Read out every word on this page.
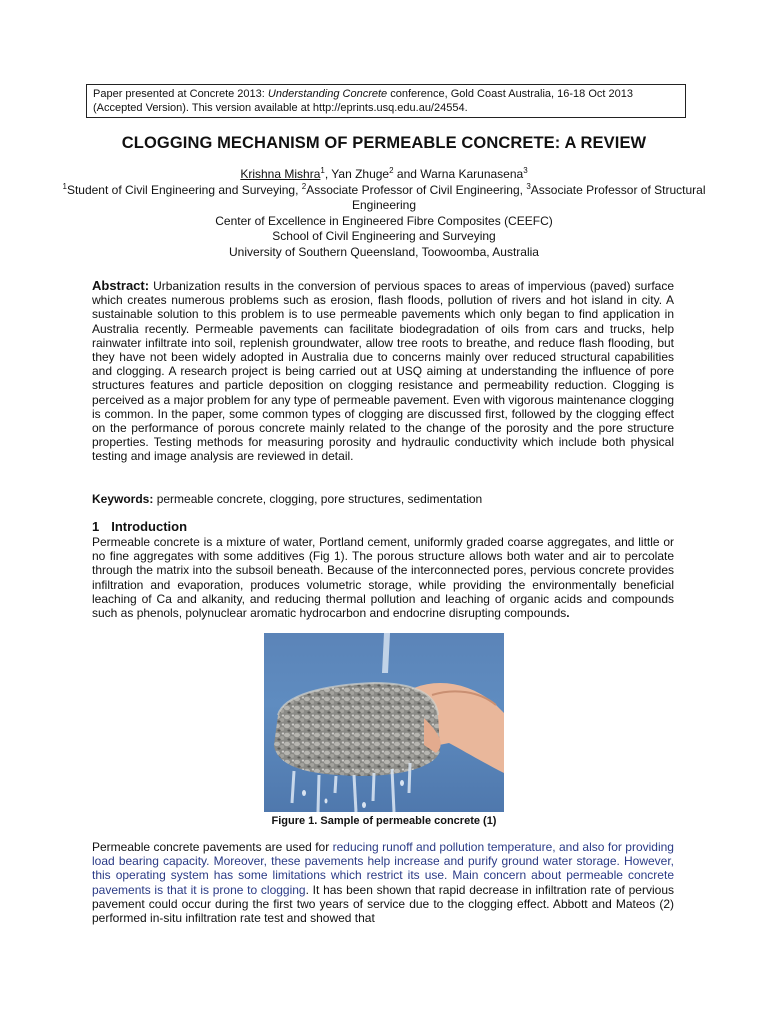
Paper presented at Concrete 2013: Understanding Concrete conference, Gold Coast Australia, 16-18 Oct 2013 (Accepted Version). This version available at http://eprints.usq.edu.au/24554.
CLOGGING MECHANISM OF PERMEABLE CONCRETE: A REVIEW
Krishna Mishra$^1$, Yan Zhuge$^2$ and Warna Karunasena$^3$
$^1$Student of Civil Engineering and Surveying, $^2$Associate Professor of Civil Engineering, $^3$Associate Professor of Structural Engineering
Center of Excellence in Engineered Fibre Composites (CEEFC)
School of Civil Engineering and Surveying
University of Southern Queensland, Toowoomba, Australia
Abstract: Urbanization results in the conversion of pervious spaces to areas of impervious (paved) surface which creates numerous problems such as erosion, flash floods, pollution of rivers and hot island in city. A sustainable solution to this problem is to use permeable pavements which only began to find application in Australia recently. Permeable pavements can facilitate biodegradation of oils from cars and trucks, help rainwater infiltrate into soil, replenish groundwater, allow tree roots to breathe, and reduce flash flooding, but they have not been widely adopted in Australia due to concerns mainly over reduced structural capabilities and clogging. A research project is being carried out at USQ aiming at understanding the influence of pore structures features and particle deposition on clogging resistance and permeability reduction. Clogging is perceived as a major problem for any type of permeable pavement. Even with vigorous maintenance clogging is common. In the paper, some common types of clogging are discussed first, followed by the clogging effect on the performance of porous concrete mainly related to the change of the porosity and the pore structure properties. Testing methods for measuring porosity and hydraulic conductivity which include both physical testing and image analysis are reviewed in detail.
Keywords: permeable concrete, clogging, pore structures, sedimentation
1 Introduction
Permeable concrete is a mixture of water, Portland cement, uniformly graded coarse aggregates, and little or no fine aggregates with some additives (Fig 1). The porous structure allows both water and air to percolate through the matrix into the subsoil beneath. Because of the interconnected pores, pervious concrete provides infiltration and evaporation, produces volumetric storage, while providing the environmentally beneficial leaching of Ca and alkanity, and reducing thermal pollution and leaching of organic acids and compounds such as phenols, polynuclear aromatic hydrocarbon and endocrine disrupting compounds.
Figure 1. Sample of permeable concrete (1)
Permeable concrete pavements are used for reducing runoff and pollution temperature, and also for providing load bearing capacity. Moreover, these pavements help increase and purify ground water storage. However, this operating system has some limitations which restrict its use. Main concern about permeable concrete pavements is that it is prone to clogging. It has been shown that rapid decrease in infiltration rate of pervious pavement could occur during the first two years of service due to the clogging effect. Abbott and Mateos (2) performed in-situ infiltration rate test and showed that
